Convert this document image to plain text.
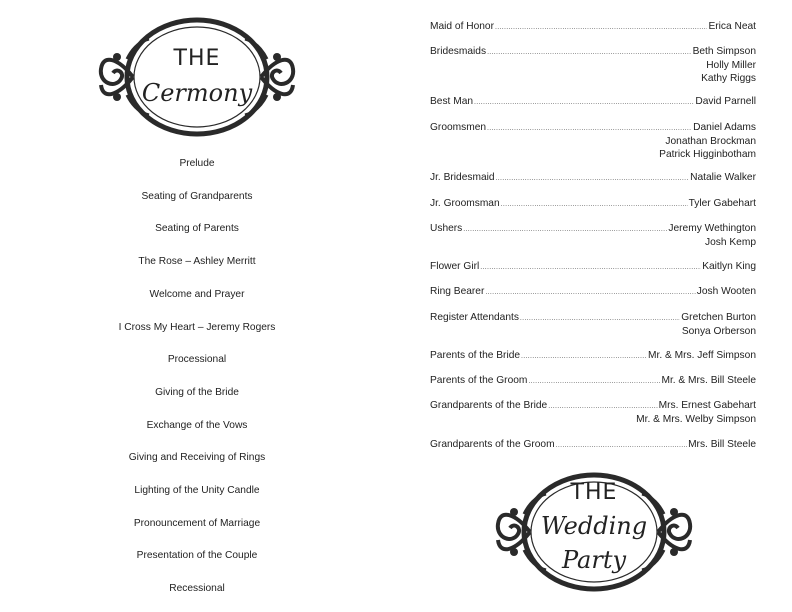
THE
Cermony
Prelude
Seating of Grandparents
Seating of Parents
The Rose – Ashley Merritt
Welcome and Prayer
I Cross My Heart – Jeremy Rogers
Processional
Giving of the Bride
Exchange of the Vows
Giving and Receiving of Rings
Lighting of the Unity Candle
Pronouncement of Marriage
Presentation of the Couple
Recessional
Maid of Honor .....	Erica Neat
Bridesmaids .....	Beth Simpson
Holly Miller
Kathy Riggs
Best Man .....	David Parnell
Groomsmen .....	Daniel Adams
Jonathan Brockman
Patrick Higginbotham
Jr. Bridesmaid .....	Natalie Walker
Jr. Groomsman .....	Tyler Gabehart
Ushers .....	Jeremy Wethington
Josh Kemp
Flower Girl .....	Kaitlyn King
Ring Bearer .....	Josh Wooten
Register Attendants .....	Gretchen Burton
Sonya Orberson
Parents of the Bride .....	Mr. & Mrs. Jeff Simpson
Parents of the Groom .....	Mr. & Mrs. Bill Steele
Grandparents of the Bride .....	Mrs. Ernest Gabehart
Mr. & Mrs. Welby Simpson
Grandparents of the Groom .....	Mrs. Bill Steele
THE
Wedding
Party
